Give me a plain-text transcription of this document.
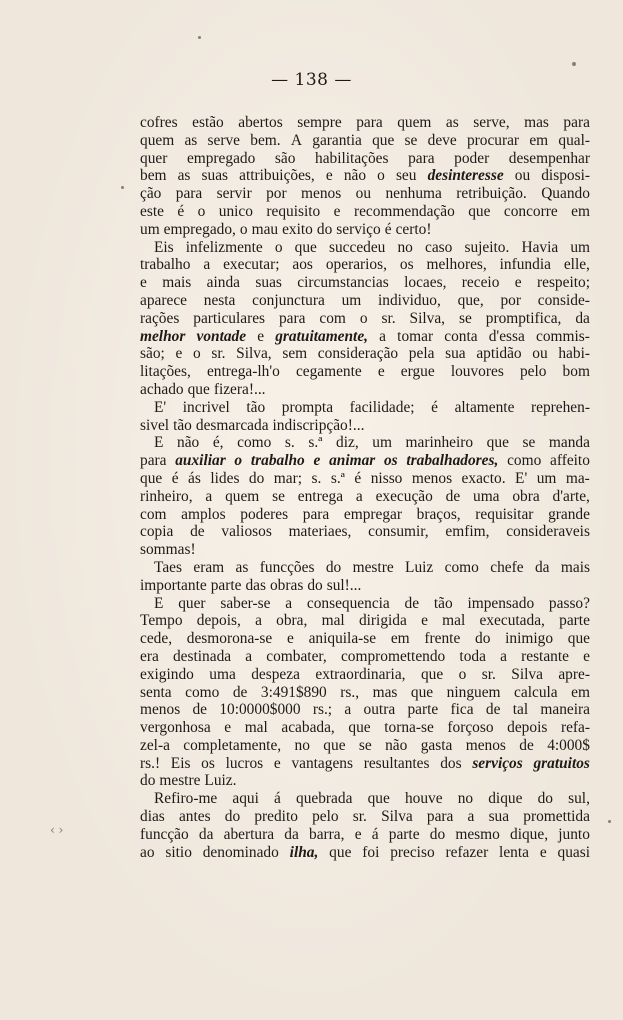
— 138 —
cofres estão abertos sempre para quem as serve, mas para
quem as serve bem. A garantia que se deve procurar em qual-
quer empregado são habilitações para poder desempenhar
bem as suas attribuições, e não o seu desinteresse ou disposi-
ção para servir por menos ou nenhuma retribuição. Quando
este é o unico requisito e recommendação que concorre em
um empregado, o mau exito do serviço é certo!
Eis infelizmente o que succedeu no caso sujeito. Havia um
trabalho a executar; aos operarios, os melhores, infundia elle,
e mais ainda suas circumstancias locaes, receio e respeito;
aparece nesta conjunctura um individuo, que, por conside-
rações particulares para com o sr. Silva, se promptifica, da
melhor vontade e gratuitamente, a tomar conta d'essa commis-
são; e o sr. Silva, sem consideração pela sua aptidão ou habi-
litações, entrega-lh'o cegamente e ergue louvores pelo bom
achado que fizera!...
E' incrivel tão prompta facilidade; é altamente reprehen-
sivel tão desmarcada indiscripção!...
E não é, como s. s.ª diz, um marinheiro que se manda
para auxiliar o trabalho e animar os trabalhadores, como affeito
que é ás lides do mar; s. s.ª é nisso menos exacto. E' um ma-
rinheiro, a quem se entrega a execução de uma obra d'arte,
com amplos poderes para empregar braços, requisitar grande
copia de valiosos materiaes, consumir, emfim, consideraveis
sommas!
Taes eram as funcções do mestre Luiz como chefe da mais
importante parte das obras do sul!...
E quer saber-se a consequencia de tão impensado passo?
Tempo depois, a obra, mal dirigida e mal executada, parte
cede, desmorona-se e aniquila-se em frente do inimigo que
era destinada a combater, compromettendo toda a restante e
exigindo uma despeza extraordinaria, que o sr. Silva apre-
senta como de 3:491$890 rs., mas que ninguem calcula em
menos de 10:0000$000 rs.; a outra parte fica de tal maneira
vergonhosa e mal acabada, que torna-se forçoso depois refa-
zel-a completamente, no que se não gasta menos de 4:000$
rs.! Eis os lucros e vantagens resultantes dos serviços gratuitos
do mestre Luiz.
Refiro-me aqui á quebrada que houve no dique do sul,
dias antes do predito pelo sr. Silva para a sua promettida
funcção da abertura da barra, e á parte do mesmo dique, junto
ao sitio denominado ilha, que foi preciso refazer lenta e quasi
‹ ›
